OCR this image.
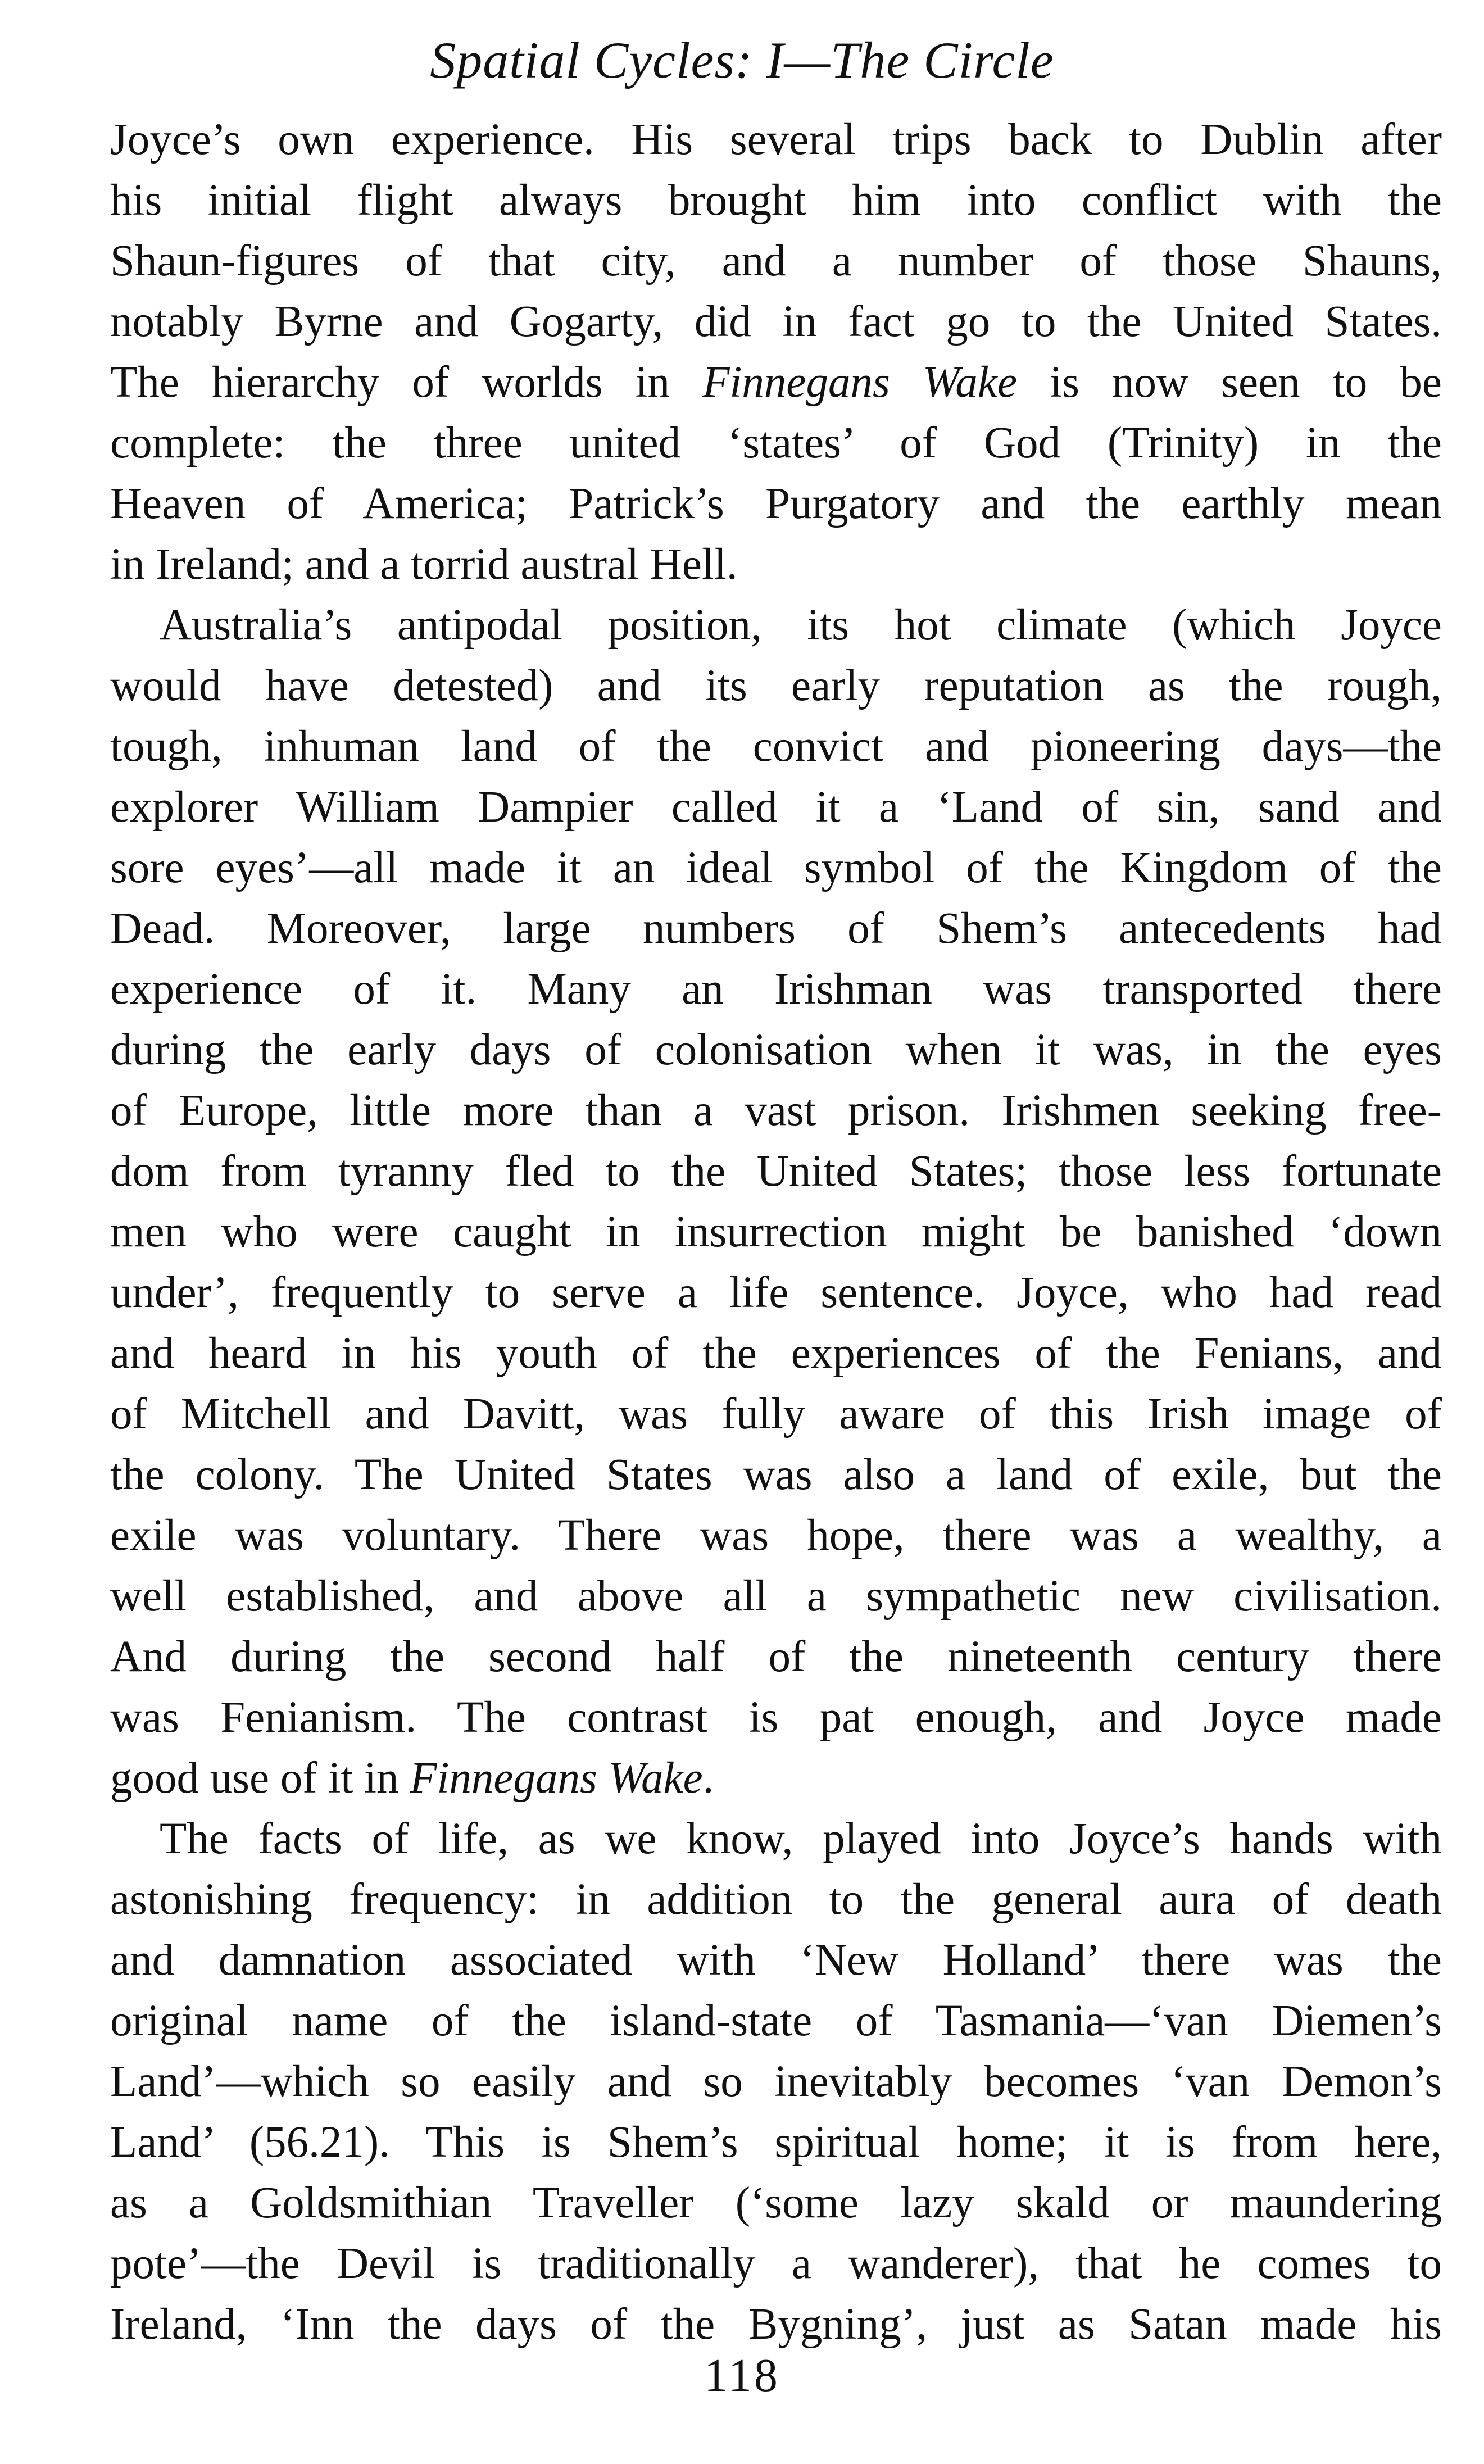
Spatial Cycles: I—The Circle
Joyce’s own experience. His several trips back to Dublin after
his initial flight always brought him into conflict with the
Shaun-figures of that city, and a number of those Shauns,
notably Byrne and Gogarty, did in fact go to the United States.
The hierarchy of worlds in Finnegans Wake is now seen to be
complete: the three united ‘states’ of God (Trinity) in the
Heaven of America; Patrick’s Purgatory and the earthly mean
in Ireland; and a torrid austral Hell.
Australia’s antipodal position, its hot climate (which Joyce
would have detested) and its early reputation as the rough,
tough, inhuman land of the convict and pioneering days—the
explorer William Dampier called it a ‘Land of sin, sand and
sore eyes’—all made it an ideal symbol of the Kingdom of the
Dead. Moreover, large numbers of Shem’s antecedents had
experience of it. Many an Irishman was transported there
during the early days of colonisation when it was, in the eyes
of Europe, little more than a vast prison. Irishmen seeking free-
dom from tyranny fled to the United States; those less fortunate
men who were caught in insurrection might be banished ‘down
under’, frequently to serve a life sentence. Joyce, who had read
and heard in his youth of the experiences of the Fenians, and
of Mitchell and Davitt, was fully aware of this Irish image of
the colony. The United States was also a land of exile, but the
exile was voluntary. There was hope, there was a wealthy, a
well established, and above all a sympathetic new civilisation.
And during the second half of the nineteenth century there
was Fenianism. The contrast is pat enough, and Joyce made
good use of it in Finnegans Wake.
The facts of life, as we know, played into Joyce’s hands with
astonishing frequency: in addition to the general aura of death
and damnation associated with ‘New Holland’ there was the
original name of the island-state of Tasmania—‘van Diemen’s
Land’—which so easily and so inevitably becomes ‘van Demon’s
Land’ (56.21). This is Shem’s spiritual home; it is from here,
as a Goldsmithian Traveller (‘some lazy skald or maundering
pote’—the Devil is traditionally a wanderer), that he comes to
Ireland, ‘Inn the days of the Bygning’, just as Satan made his
118
